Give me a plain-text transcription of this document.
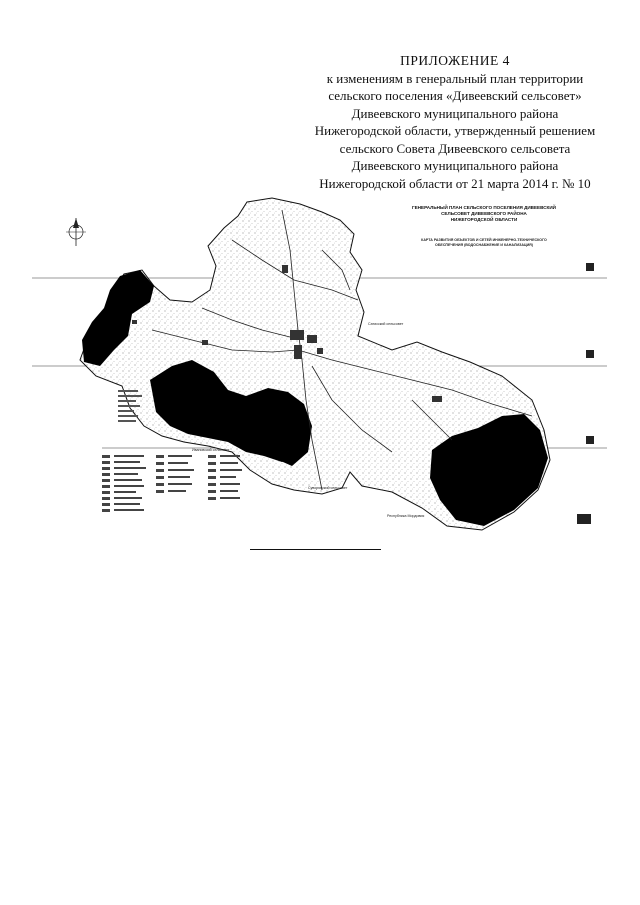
ПРИЛОЖЕНИЕ 4
к изменениям в генеральный план территории
сельского поселения «Дивеевский сельсовет»
Дивеевского муниципального района
Нижегородской области, утвержденный решением
сельского Совета Дивеевского сельсовета
Дивеевского муниципального района
Нижегородской области от 21 марта 2014 г. № 10
ГЕНЕРАЛЬНЫЙ ПЛАН СЕЛЬСКОГО ПОСЕЛЕНИЯ ДИВЕЕВСКИЙ
СЕЛЬСОВЕТ ДИВЕЕВСКОГО РАЙОНА
НИЖЕГОРОДСКОЙ ОБЛАСТИ
КАРТА РАЗВИТИЯ ОБЪЕКТОВ И СЕТЕЙ ИНЖЕНЕРНО-ТЕХНИЧЕСКОГО
ОБЕСПЕЧЕНИЯ (ВОДОСНАБЖЕНИЕ И КАНАЛИЗАЦИЯ)
Сатисский сельсовет
Суворовский сельсовет
Ивановский сельсовет
Республика Мордовия
